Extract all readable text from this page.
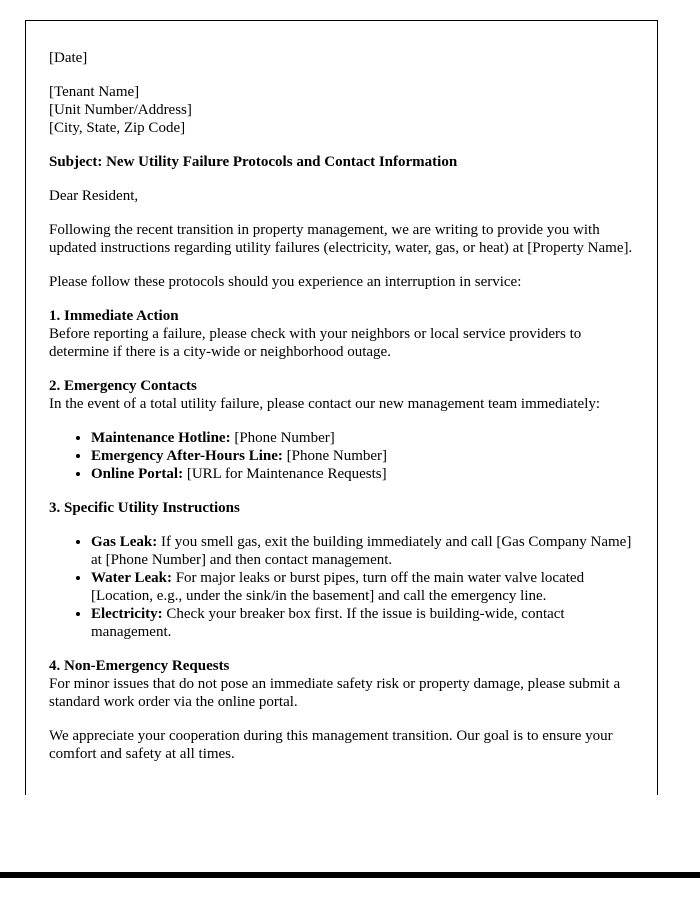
[Date]

[Tenant Name]
[Unit Number/Address]
[City, State, Zip Code]

Subject: New Utility Failure Protocols and Contact Information

Dear Resident,

Following the recent transition in property management, we are writing to provide you with updated instructions regarding utility failures (electricity, water, gas, or heat) at [Property Name].

Please follow these protocols should you experience an interruption in service:

1. Immediate Action

Before reporting a failure, please check with your neighbors or local service providers to determine if there is a city-wide or neighborhood outage.

2. Emergency Contacts

In the event of a total utility failure, please contact our new management team immediately:

• Maintenance Hotline: [Phone Number]
• Emergency After-Hours Line: [Phone Number]
• Online Portal: [URL for Maintenance Requests]
3. Specific Utility Instructions
• Gas Leak: If you smell gas, exit the building immediately and call [Gas Company Name] at [Phone Number] and then contact management.
• Water Leak: For major leaks or burst pipes, turn off the main water valve located [Location, e.g., under the sink/in the basement] and call the emergency line.
• Electricity: Check your breaker box first. If the issue is building-wide, contact management.
4. Non-Emergency Requests

For minor issues that do not pose an immediate safety risk or property damage, please submit a standard work order via the online portal.

We appreciate your cooperation during this management transition. Our goal is to ensure your comfort and safety at all times.
